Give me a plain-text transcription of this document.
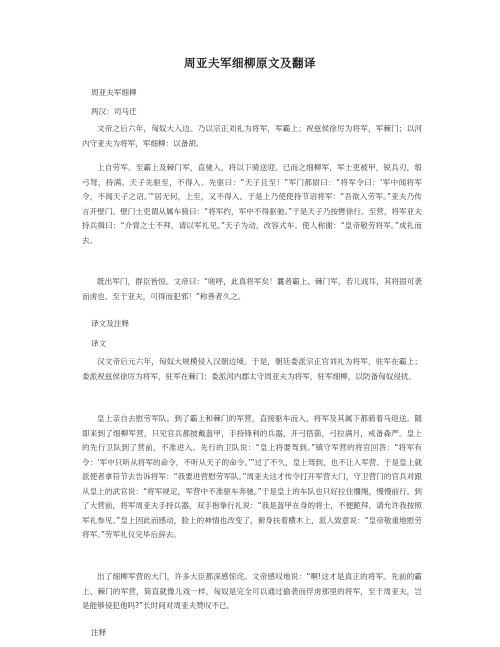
周亚夫军细柳原文及翻译
周亚夫军细柳
两汉：司马迁
文帝之后六年，匈奴大入边。乃以宗正刘礼为将军，军霸上；祝兹侯徐厉为将军，军棘门；以河内守亚夫为将军，军细柳：以备胡。
上自劳军。至霸上及棘门军，直驰入，将以下骑送迎。已而之细柳军，军士吏被甲，锐兵刃，彀弓弩，持满。天子先驱至，不得入。先驱曰：“天子且至！”军门都尉曰：“将军令曰：‘军中闻将军令，不闻天子之诏。’”居无何，上至，又不得入。于是上乃使使持节诏将军：“吾欲入劳军。”亚夫乃传言开壁门。壁门士吏谓从属车骑曰：“将军约，军中不得驱驰。”于是天子乃按辔徐行。至营，将军亚夫持兵揖曰：“介胄之士不拜，请以军礼见。”天子为动，改容式车。使人称谢：“皇帝敬劳将军。”成礼而去。
既出军门，群臣皆惊。文帝曰：“嗟呼，此真将军矣！曩者霸上、棘门军，若儿戏耳，其将固可袭而虏也。至于亚夫，可得而犯邪！”称善者久之。
译文及注释
译文
汉文帝后元六年，匈奴大规模侵入汉朝边境。于是，朝廷委派宗正官刘礼为将军，驻军在霸上；委派祝兹侯徐厉为将军，驻军在棘门；委派河内郡太守周亚夫为将军，驻军细柳，以防备匈奴侵扰。
皇上亲自去慰劳军队。到了霸上和棘门的军营，直接驱车而入，将军及其属下都骑着马迎送。随即来到了细柳军营，只见官兵都披戴盔甲，手持锋利的兵器，开弓搭箭，弓拉满月，戒备森严。皇上的先行卫队到了营前，不准进入。先行的卫队说：“皇上将要驾到。”镇守军营的将官回答：“将军有令：‘军中只听从将军的命令，不听从天子的命令。’”过了不久，皇上驾到，也不让入军营。于是皇上就派使者拿符节去告诉将军：“我要进营慰劳军队。”周亚夫这才传令打开军营大门，守卫营门的官兵对跟从皇上的武官说：“将军规定，军营中不准驱车奔驰。”于是皇上的车队也只好拉住缰绳，慢慢前行。到了大营前，将军周亚夫手持兵器，双手抱拳行礼说：“我是盔甲在身的将士，不便跪拜，请允许我按照军礼参见。”皇上因此而感动，脸上的神情也改变了，俯身扶着横木上，派人致意说：“皇帝敬重地慰劳将军。”劳军礼仪完毕后辞去。
出了细柳军营的大门，许多大臣都深感惊诧。文帝感叹地说：“啊!这才是真正的将军。先前的霸上、棘门的军营，简直就像儿戏一样，匈奴是完全可以通过偷袭而俘虏那里的将军，至于周亚夫，岂是能够侵犯他吗?”长时间对周亚夫赞叹不已。
注释
